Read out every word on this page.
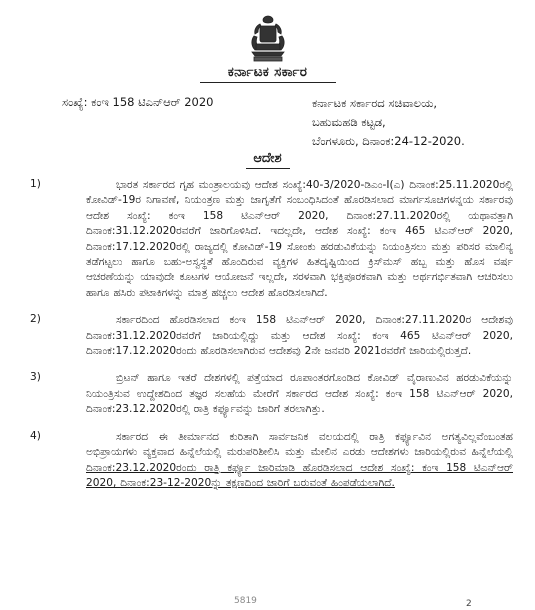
ಕರ್ನಾಟಕ ಸರ್ಕಾರ
ಸಂಖ್ಯೆ: ಕಂಇ 158 ಟಿಎನ್‌ಆರ್ 2020	ಕರ್ನಾಟಕ ಸರ್ಕಾರದ ಸಚಿವಾಲಯ,
ಬಹುಮಹಡಿ ಕಟ್ಟಡ,
ಬೆಂಗಳೂರು, ದಿನಾಂಕ:24-12-2020.
ಆದೇಶ
1)	ಭಾರತ ಸರ್ಕಾರದ ಗೃಹ ಮಂತ್ರಾಲಯವು ಆದೇಶ ಸಂಖ್ಯೆ:40-3/2020-ಡಿಎಂ-I(ಎ) ದಿನಾಂಕ:25.11.2020ರಲ್ಲಿ ಕೋವಿಡ್-19ರ ನಿಗಾವಣೆ, ನಿಯಂತ್ರಣ ಮತ್ತು ಜಾಗೃತೆಗೆ ಸಂಬಂಧಿಸಿದಂತೆ ಹೊರಡಿಸಲಾದ ಮಾರ್ಗಸೂಚಿಗಳನ್ನಯ ಸರ್ಕಾರವು ಆದೇಶ ಸಂಖ್ಯೆ: ಕಂಇ 158 ಟಿಎನ್‌ಆರ್ 2020, ದಿನಾಂಕ:27.11.2020ರಲ್ಲಿ ಯಥಾವತ್ತಾಗಿ ದಿನಾಂಕ:31.12.2020ರವರೆಗೆ ಜಾರಿಗೊಳಿಸಿದೆ. ಇದಲ್ಲದೇ, ಆದೇಶ ಸಂಖ್ಯೆ: ಕಂಇ 465 ಟಿಎನ್‌ಆರ್ 2020, ದಿನಾಂಕ:17.12.2020ರಲ್ಲಿ ರಾಜ್ಯದಲ್ಲಿ ಕೋವಿಡ್-19 ಸೋಂಕು ಹರಡುವಿಕೆಯನ್ನು ನಿಯಂತ್ರಿಸಲು ಮತ್ತು ಪರಿಸರ ಮಾಲಿನ್ಯ ತಡೆಗಟ್ಟಲು ಹಾಗೂ ಬಹು-ಅಸ್ವಸ್ಥತೆ ಹೊಂದಿರುವ ವ್ಯಕ್ತಿಗಳ ಹಿತದೃಷ್ಟಿಯಿಂದ ಕ್ರಿಸ್‌ಮಸ್ ಹಬ್ಬ ಮತ್ತು ಹೊಸ ವರ್ಷ ಆಚರಣೆಯನ್ನು ಯಾವುದೇ ಕೂಟಗಳ ಆಯೋಜನೆ ಇಲ್ಲದೇ, ಸರಳವಾಗಿ ಭಕ್ತಿಪೂರಕವಾಗಿ ಮತ್ತು ಅರ್ಥಗರ್ಭಿತವಾಗಿ ಆಚರಿಸಲು ಹಾಗೂ ಹಸಿರು ಪಟಾಕಿಗಳನ್ನು ಮಾತ್ರ ಹಚ್ಚಲು ಆದೇಶ ಹೊರಡಿಸಲಾಗಿದೆ.
2)	ಸರ್ಕಾರದಿಂದ ಹೊರಡಿಸಲಾದ ಕಂಇ 158 ಟಿಎನ್‌ಆರ್ 2020, ದಿನಾಂಕ:27.11.2020ರ ಆದೇಶವು ದಿನಾಂಕ:31.12.2020ರವರೆಗೆ ಜಾರಿಯಲ್ಲಿದ್ದು ಮತ್ತು ಆದೇಶ ಸಂಖ್ಯೆ: ಕಂಇ 465 ಟಿಎನ್‌ಆರ್ 2020, ದಿನಾಂಕ:17.12.2020ರಂದು ಹೊರಡಿಸಲಾಗಿರುವ ಆದೇಶವು 2ನೇ ಜನವರಿ 2021ರವರೆಗೆ ಜಾರಿಯಲ್ಲಿರುತ್ತದೆ.
3)	ಬ್ರಿಟನ್ ಹಾಗೂ ಇತರೆ ದೇಶಗಳಲ್ಲಿ ಪತ್ತೆಯಾದ ರೂಪಾಂತರಗೊಂಡಿದ ಕೋವಿಡ್ ವೈರಾಣುವಿನ ಹರಡುವಿಕೆಯನ್ನು ನಿಯಂತ್ರಿಸುವ ಉದ್ದೇಶದಿಂದ ತಜ್ಞರ ಸಲಹೆಯ ಮೇರೆಗೆ ಸರ್ಕಾರದ ಆದೇಶ ಸಂಖ್ಯೆ: ಕಂಇ 158 ಟಿಎನ್‌ಆರ್ 2020, ದಿನಾಂಕ:23.12.2020ರಲ್ಲಿ ರಾತ್ರಿ ಕರ್ಫ್ಯೂವನ್ನು ಜಾರಿಗೆ ತರಲಾಗಿತ್ತು.
4)	ಸರ್ಕಾರದ ಈ ತೀರ್ಮಾನದ ಕುರಿತಾಗಿ ಸಾರ್ವಜನಿಕ ವಲಯದಲ್ಲಿ ರಾತ್ರಿ ಕರ್ಫ್ಯೂವಿನ ಅಗತ್ಯವಿಲ್ಲವೆಂಬಂತಹ ಅಭಿಪ್ರಾಯಗಳು ವ್ಯಕ್ತವಾದ ಹಿನ್ನೆಲೆಯಲ್ಲಿ ಮರುಪರಿಶೀಲಿಸಿ ಮತ್ತು ಮೇಲಿನ ಎರಡು ಆದೇಶಗಳು ಜಾರಿಯಲ್ಲಿರುವ ಹಿನ್ನೆಲೆಯಲ್ಲಿ ದಿನಾಂಕ:23.12.2020ರಂದು ರಾತ್ರಿ ಕರ್ಫ್ಯೂ ಜಾರಿಮಾಡಿ ಹೊರಡಿಸಲಾದ ಆದೇಶ ಸಂಖ್ಯೆ: ಕಂಇ 158 ಟಿಎನ್‌ಆರ್ 2020, ದಿನಾಂಕ:23-12-2020ನ್ನು ತಕ್ಷಣದಿಂದ ಜಾರಿಗೆ ಬರುವಂತೆ ಹಿಂಪಡೆಯಲಾಗಿದೆ.
5819	2
